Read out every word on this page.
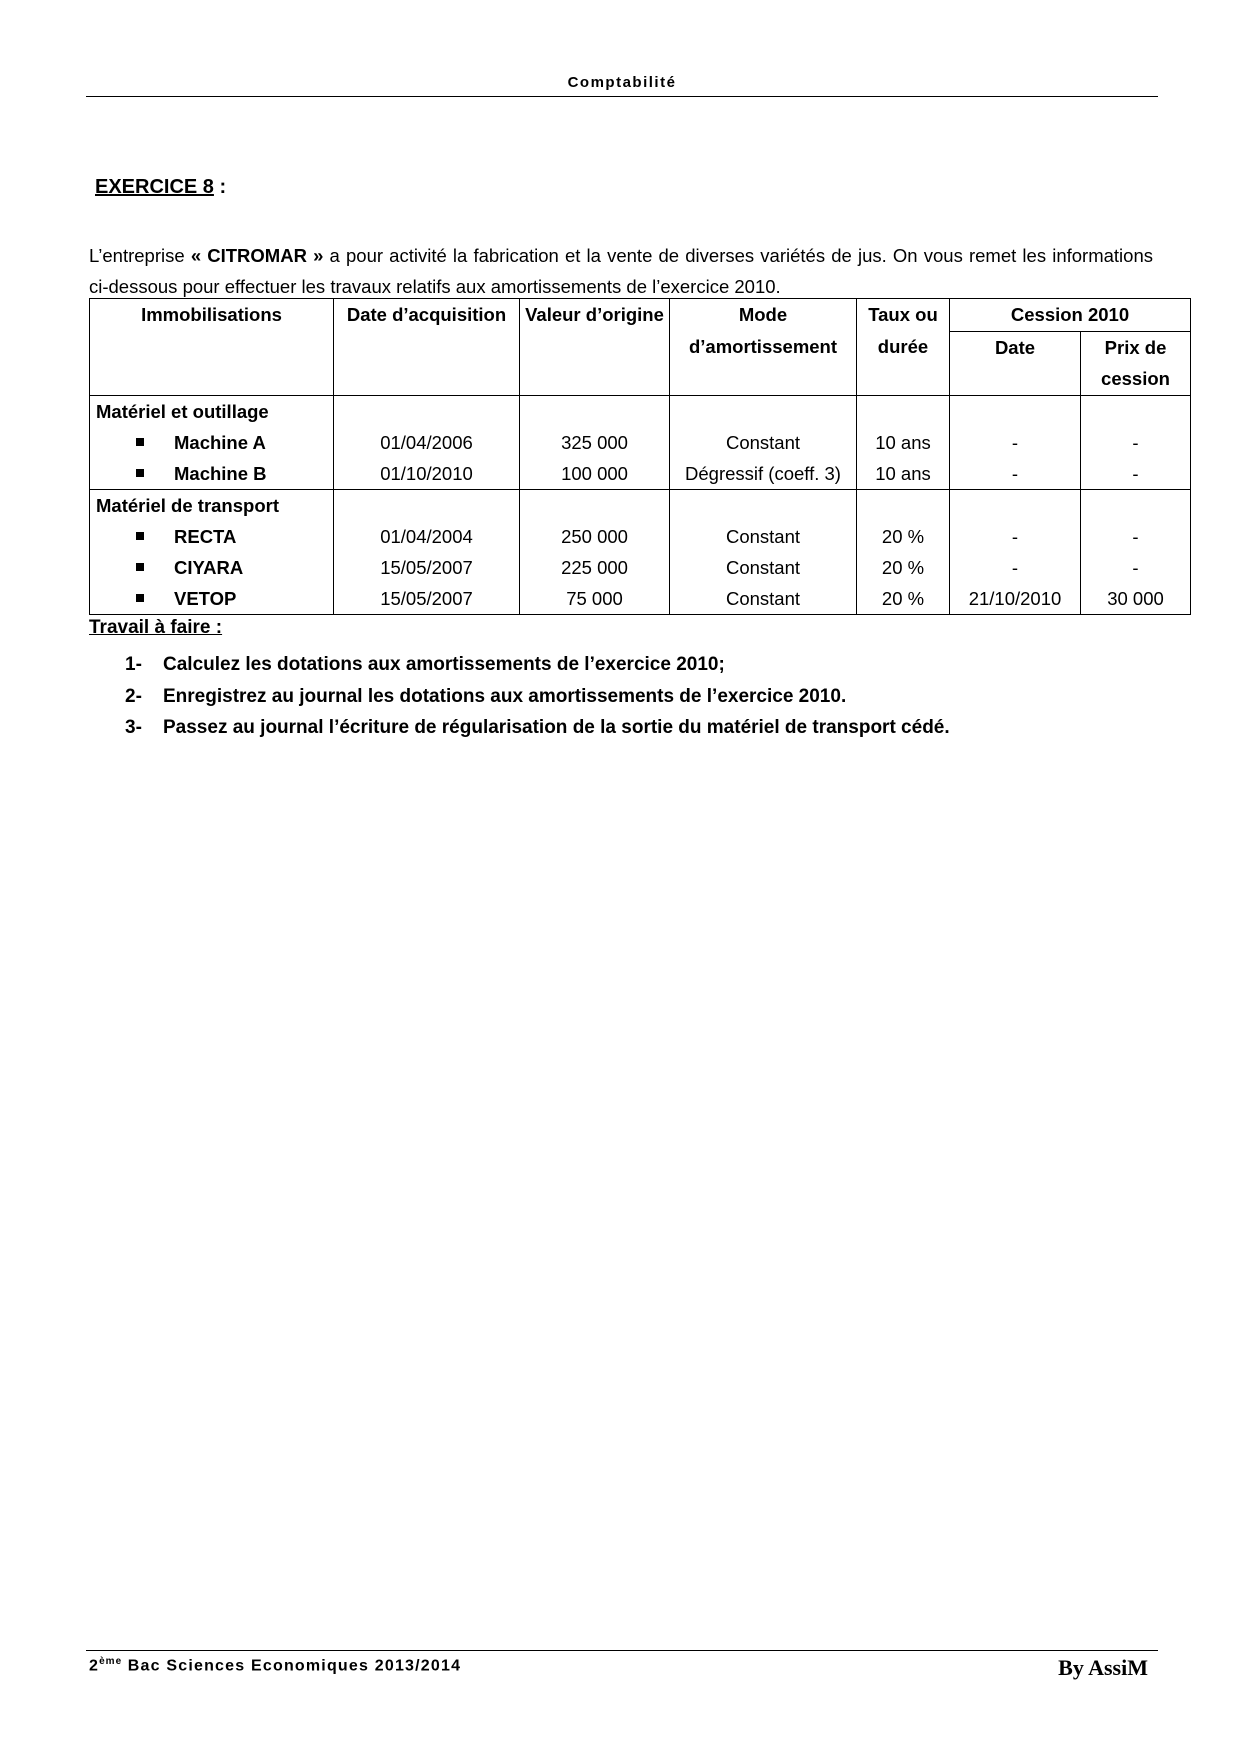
Comptabilité
EXERCICE 8 :

L’entreprise « CITROMAR » a pour activité la fabrication et la vente de diverses variétés de jus. On vous remet les informations ci-dessous pour effectuer les travaux relatifs aux amortissements de l’exercice 2010.

Immobilisations	Date d’acquisition	Valeur d’origine	Mode d’amortissement	Taux ou durée	Cession 2010	
					Date	Prix de cession
Matériel et outillage						
Machine A	01/04/2006	325 000	Constant	10 ans	-	-
Machine B	01/10/2010	100 000	Dégressif (coeff. 3)	10 ans	-	-
Matériel de transport						
RECTA	01/04/2004	250 000	Constant	20 %	-	-
CIYARA	15/05/2007	225 000	Constant	20 %	-	-
VETOP	15/05/2007	75 000	Constant	20 %	21/10/2010	30 000
Travail à faire :
1- Calculez les dotations aux amortissements de l’exercice 2010;
2- Enregistrez au journal les dotations aux amortissements de l’exercice 2010.
3- Passez au journal l’écriture de régularisation de la sortie du matériel de transport cédé.
2ème Bac Sciences Economiques 2013/2014	By AssiM
